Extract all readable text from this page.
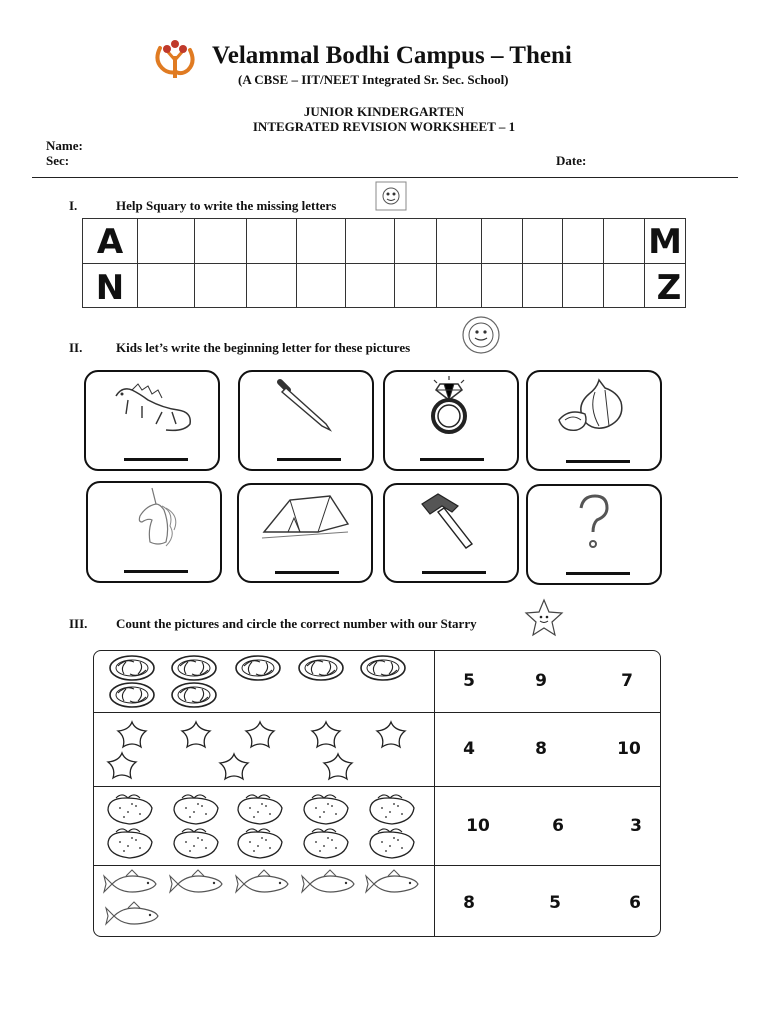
Velammal Bodhi Campus – Theni
(A CBSE – IIT/NEET Integrated Sr. Sec. School)
JUNIOR KINDERGARTEN
INTEGRATED REVISION WORKSHEET – 1
Name:
Sec:	Date:
I.	Help Squary to write the missing letters
A	M
N	Z
II.	Kids let’s write the beginning letter for these pictures
III. Count the pictures and circle the correct number with our Starry
5	9	7
4	8	10
10	6	3
8	5	6
